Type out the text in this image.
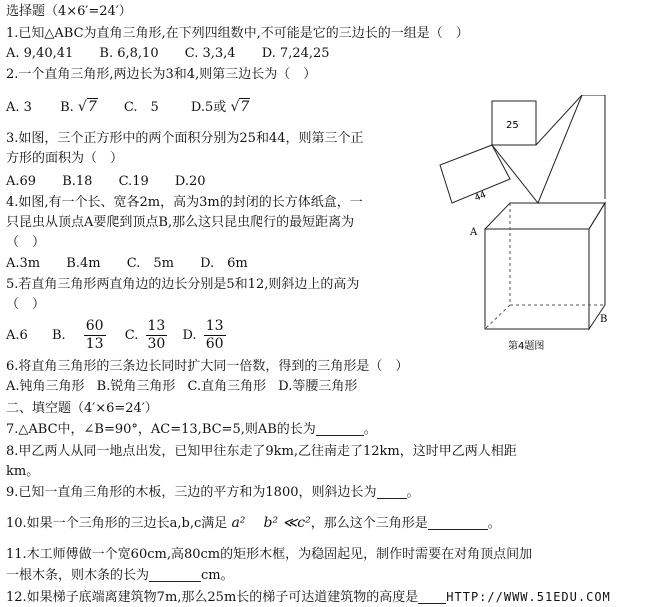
选择题（4×6′=24′）
1.已知△ABC为直角三角形,在下列四组数中,不可能是它的三边长的一组是（　）
A. 9,40,41 B. 6,8,10 C. 3,3,4 D. 7,24,25
2.一个直角三角形,两边长为3和4,则第三边长为（　）
A. 3 B. √7 C.　5 D.5或 √7
3.如图，三个正方形中的两个面积分别为25和44，则第三个正
方形的面积为（　）
A.69 B.18 C.19 D.20
4.如图,有一个长、宽各2m，高为3m的封闭的长方体纸盒，一
只昆虫从顶点A要爬到顶点B,那么这只昆虫爬行的最短距离为
（　）
A.3m B.4m C.　5m D.　6m
5.若直角三角形两直角边的边长分别是5和12,则斜边上的高为
（　）
A.6 B. $\frac{60}{13} C$. $\frac{13}{30} D$. $\frac{13}{60}$
6.将直角三角形的三条边长同时扩大同一倍数，得到的三角形是（　）
A.钝角三角形 B.锐角三角形 C.直角三角形 D.等腰三角形
二、填空题（4′×6=24′）
7.△ABC中，∠B=90°，AC=13,BC=5,则AB的长为	。
8.甲乙两人从同一地点出发，已知甲往东走了9km,乙往南走了12km，这时甲乙两人相距
km。
9.已知一直角三角形的木板，三边的平方和为1800，则斜边长为 。
10.如果一个三角形的三边长a,b,c满足 a² b² ≪c²，那么这个三角形是	。
11.木工师傅做一个宽60cm,高80cm的矩形木框，为稳固起见，制作时需要在对角顶点间加
一根木条，则木条的长为	cm。
12.如果梯子底端离建筑物7m,那么25m长的梯子可达道建筑物的高度是 HTTP://WWW.51EDU.COM
25
44
A
B
第4题图
